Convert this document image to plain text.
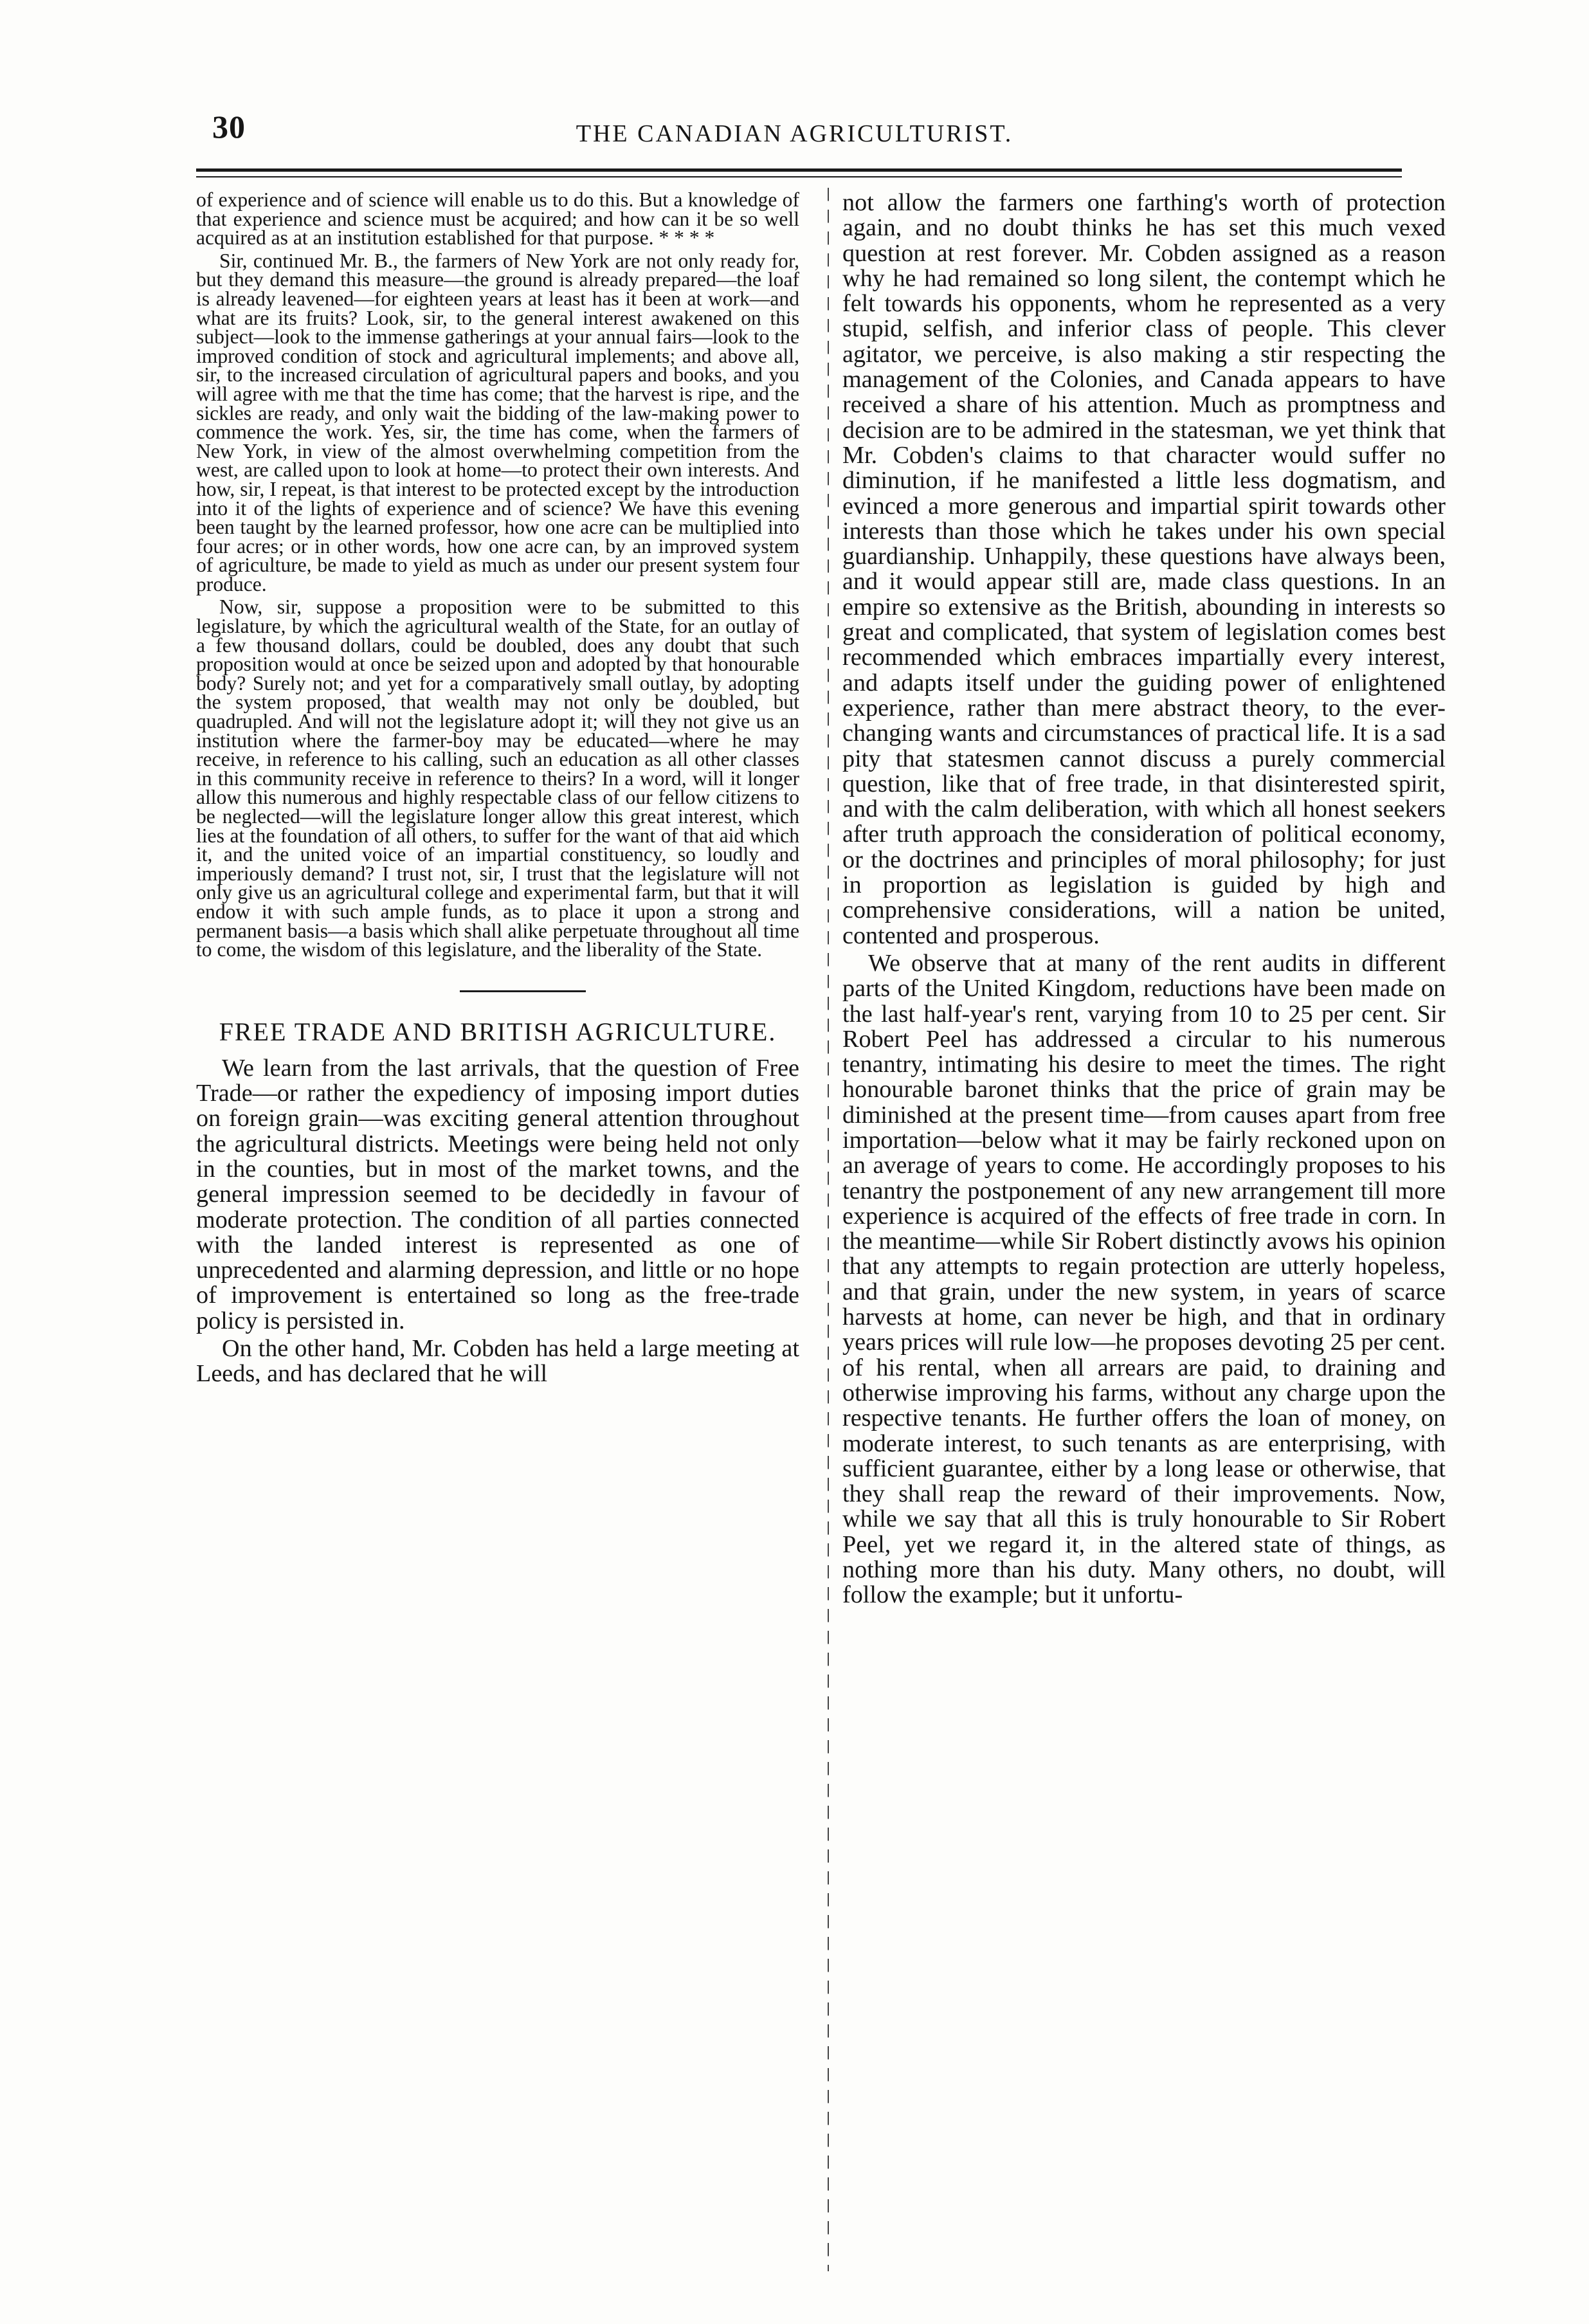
30	THE CANADIAN AGRICULTURIST.

of experience and of science will enable us to do this. But a knowledge of that experience and science must be acquired; and how can it be so well acquired as at an institution established for that purpose. * * * *

Sir, continued Mr. B., the farmers of New York are not only ready for, but they demand this measure—the ground is already prepared—the loaf is already leavened—for eighteen years at least has it been at work—and what are its fruits? Look, sir, to the general interest awakened on this subject—look to the immense gatherings at your annual fairs—look to the improved condition of stock and agricultural implements; and above all, sir, to the increased circulation of agricultural papers and books, and you will agree with me that the time has come; that the harvest is ripe, and the sickles are ready, and only wait the bidding of the law-making power to commence the work. Yes, sir, the time has come, when the farmers of New York, in view of the almost overwhelming competition from the west, are called upon to look at home—to protect their own interests. And how, sir, I repeat, is that interest to be protected except by the introduction into it of the lights of experience and of science? We have this evening been taught by the learned professor, how one acre can be multiplied into four acres; or in other words, how one acre can, by an improved system of agriculture, be made to yield as much as under our present system four produce.

Now, sir, suppose a proposition were to be submitted to this legislature, by which the agricultural wealth of the State, for an outlay of a few thousand dollars, could be doubled, does any doubt that such proposition would at once be seized upon and adopted by that honourable body? Surely not; and yet for a comparatively small outlay, by adopting the system proposed, that wealth may not only be doubled, but quadrupled. And will not the legislature adopt it; will they not give us an institution where the farmer-boy may be educated—where he may receive, in reference to his calling, such an education as all other classes in this community receive in reference to theirs? In a word, will it longer allow this numerous and highly respectable class of our fellow citizens to be neglected—will the legislature longer allow this great interest, which lies at the foundation of all others, to suffer for the want of that aid which it, and the united voice of an impartial constituency, so loudly and imperiously demand? I trust not, sir, I trust that the legislature will not only give us an agricultural college and experimental farm, but that it will endow it with such ample funds, as to place it upon a strong and permanent basis—a basis which shall alike perpetuate throughout all time to come, the wisdom of this legislature, and the liberality of the State.

FREE TRADE AND BRITISH AGRICULTURE.

We learn from the last arrivals, that the question of Free Trade—or rather the expediency of imposing import duties on foreign grain—was exciting general attention throughout the agricultural districts. Meetings were being held not only in the counties, but in most of the market towns, and the general impression seemed to be decidedly in favour of moderate protection. The condition of all parties connected with the landed interest is represented as one of unprecedented and alarming depression, and little or no hope of improvement is entertained so long as the free-trade policy is persisted in.

On the other hand, Mr. Cobden has held a large meeting at Leeds, and has declared that he will

not allow the farmers one farthing's worth of protection again, and no doubt thinks he has set this much vexed question at rest forever. Mr. Cobden assigned as a reason why he had remained so long silent, the contempt which he felt towards his opponents, whom he represented as a very stupid, selfish, and inferior class of people. This clever agitator, we perceive, is also making a stir respecting the management of the Colonies, and Canada appears to have received a share of his attention. Much as promptness and decision are to be admired in the statesman, we yet think that Mr. Cobden's claims to that character would suffer no diminution, if he manifested a little less dogmatism, and evinced a more generous and impartial spirit towards other interests than those which he takes under his own special guardianship. Unhappily, these questions have always been, and it would appear still are, made class questions. In an empire so extensive as the British, abounding in interests so great and complicated, that system of legislation comes best recommended which embraces impartially every interest, and adapts itself under the guiding power of enlightened experience, rather than mere abstract theory, to the ever-changing wants and circumstances of practical life. It is a sad pity that statesmen cannot discuss a purely commercial question, like that of free trade, in that disinterested spirit, and with the calm deliberation, with which all honest seekers after truth approach the consideration of political economy, or the doctrines and principles of moral philosophy; for just in proportion as legislation is guided by high and comprehensive considerations, will a nation be united, contented and prosperous.

We observe that at many of the rent audits in different parts of the United Kingdom, reductions have been made on the last half-year's rent, varying from 10 to 25 per cent. Sir Robert Peel has addressed a circular to his numerous tenantry, intimating his desire to meet the times. The right honourable baronet thinks that the price of grain may be diminished at the present time—from causes apart from free importation—below what it may be fairly reckoned upon on an average of years to come. He accordingly proposes to his tenantry the postponement of any new arrangement till more experience is acquired of the effects of free trade in corn. In the meantime—while Sir Robert distinctly avows his opinion that any attempts to regain protection are utterly hopeless, and that grain, under the new system, in years of scarce harvests at home, can never be high, and that in ordinary years prices will rule low—he proposes devoting 25 per cent. of his rental, when all arrears are paid, to draining and otherwise improving his farms, without any charge upon the respective tenants. He further offers the loan of money, on moderate interest, to such tenants as are enterprising, with sufficient guarantee, either by a long lease or otherwise, that they shall reap the reward of their improvements. Now, while we say that all this is truly honourable to Sir Robert Peel, yet we regard it, in the altered state of things, as nothing more than his duty. Many others, no doubt, will follow the example; but it unfortu-
